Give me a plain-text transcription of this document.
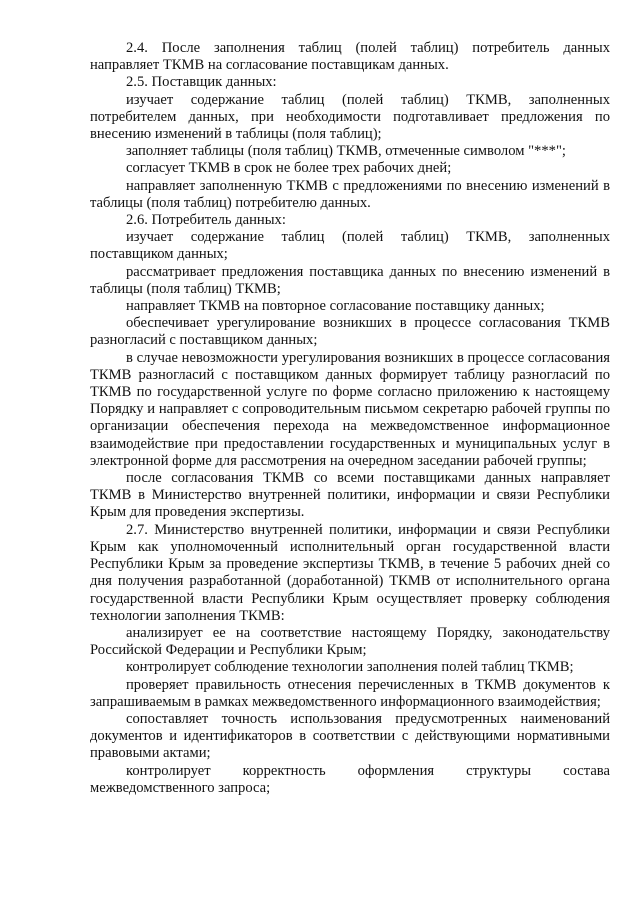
2.4. После заполнения таблиц (полей таблиц) потребитель данных направляет ТКМВ на согласование поставщикам данных.

2.5. Поставщик данных:

изучает содержание таблиц (полей таблиц) ТКМВ, заполненных потребителем данных, при необходимости подготавливает предложения по внесению изменений в таблицы (поля таблиц);

заполняет таблицы (поля таблиц) ТКМВ, отмеченные символом "***";

согласует ТКМВ в срок не более трех рабочих дней;

направляет заполненную ТКМВ с предложениями по внесению изменений в таблицы (поля таблиц) потребителю данных.

2.6. Потребитель данных:

изучает содержание таблиц (полей таблиц) ТКМВ, заполненных поставщиком данных;

рассматривает предложения поставщика данных по внесению изменений в таблицы (поля таблиц) ТКМВ;

направляет ТКМВ на повторное согласование поставщику данных;

обеспечивает урегулирование возникших в процессе согласования ТКМВ разногласий с поставщиком данных;

в случае невозможности урегулирования возникших в процессе согласования ТКМВ разногласий с поставщиком данных формирует таблицу разногласий по ТКМВ по государственной услуге по форме согласно приложению к настоящему Порядку и направляет с сопроводительным письмом секретарю рабочей группы по организации обеспечения перехода на межведомственное информационное взаимодействие при предоставлении государственных и муниципальных услуг в электронной форме для рассмотрения на очередном заседании рабочей группы;

после согласования ТКМВ со всеми поставщиками данных направляет ТКМВ в Министерство внутренней политики, информации и связи Республики Крым для проведения экспертизы.

2.7. Министерство внутренней политики, информации и связи Республики Крым как уполномоченный исполнительный орган государственной власти Республики Крым за проведение экспертизы ТКМВ, в течение 5 рабочих дней со дня получения разработанной (доработанной) ТКМВ от исполнительного органа государственной власти Республики Крым осуществляет проверку соблюдения технологии заполнения ТКМВ:

анализирует ее на соответствие настоящему Порядку, законодательству Российской Федерации и Республики Крым;

контролирует соблюдение технологии заполнения полей таблиц ТКМВ;

проверяет правильность отнесения перечисленных в ТКМВ документов к запрашиваемым в рамках межведомственного информационного взаимодействия;

сопоставляет точность использования предусмотренных наименований документов и идентификаторов в соответствии с действующими нормативными правовыми актами;

контролирует корректность оформления структуры состава межведомственного запроса;
